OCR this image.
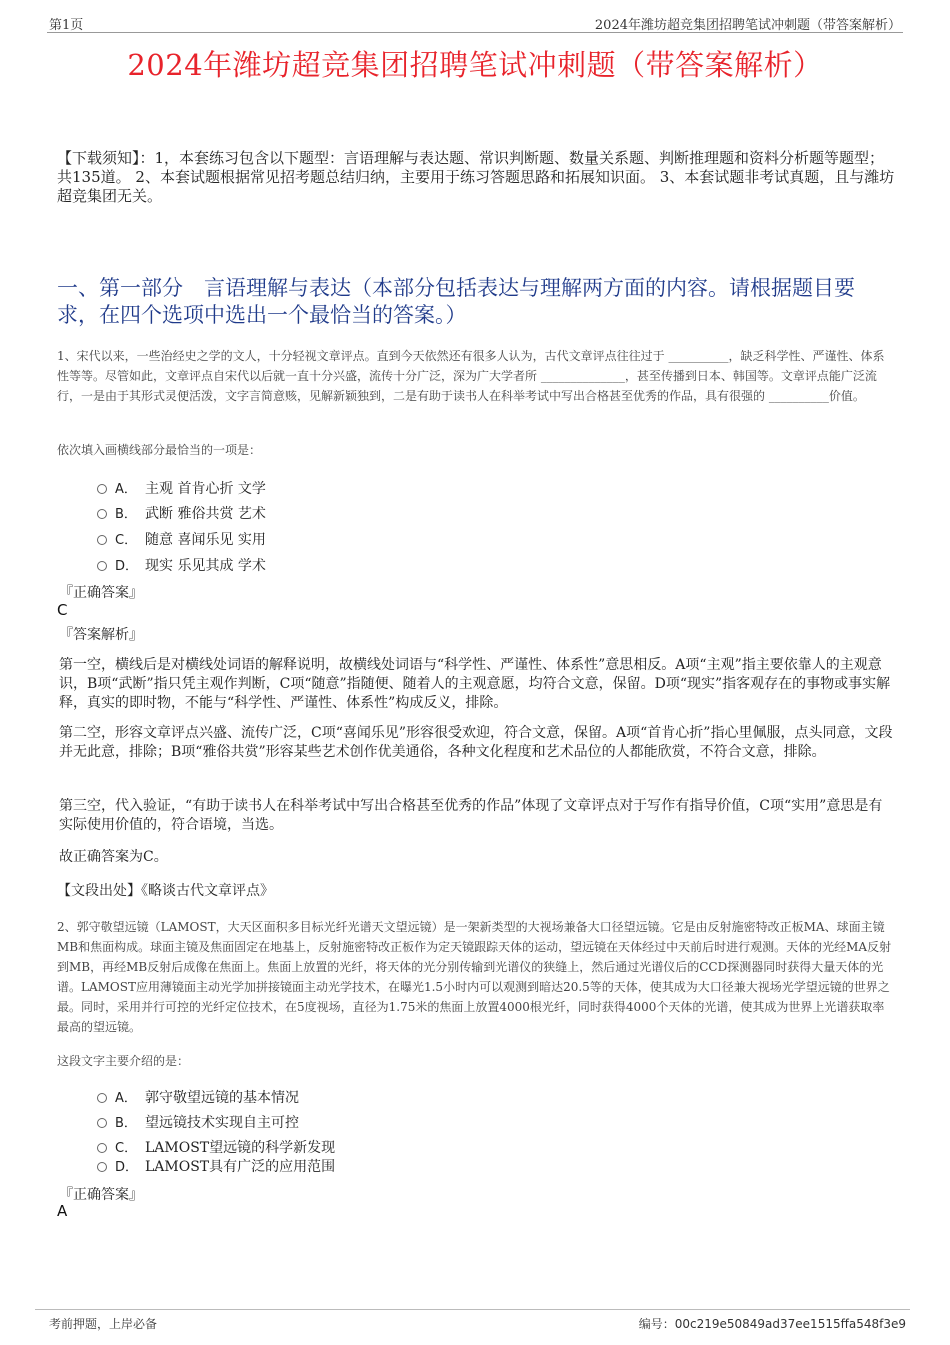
第1页	2024年潍坊超竞集团招聘笔试冲刺题（带答案解析）
2024年潍坊超竞集团招聘笔试冲刺题（带答案解析）
【下载须知】：1，本套练习包含以下题型：言语理解与表达题、常识判断题、数量关系题、判断推理题和资料分析题等题型；共135道。 2、本套试题根据常见招考题总结归纳，主要用于练习答题思路和拓展知识面。 3、本套试题非考试真题，且与潍坊超竞集团无关。
一、第一部分　言语理解与表达（本部分包括表达与理解两方面的内容。请根据题目要求，在四个选项中选出一个最恰当的答案。）
1、宋代以来，一些治经史之学的文人，十分轻视文章评点。直到今天依然还有很多人认为，古代文章评点往往过于 __________，缺乏科学性、严谨性、体系性等等。尽管如此，文章评点自宋代以后就一直十分兴盛，流传十分广泛，深为广大学者所 ______________，甚至传播到日本、韩国等。文章评点能广泛流行，一是由于其形式灵便活泼，文字言简意赅，见解新颖独到，二是有助于读书人在科举考试中写出合格甚至优秀的作品，具有很强的 __________价值。
依次填入画横线部分最恰当的一项是：
A． 主观 首肯心折 文学
B． 武断 雅俗共赏 艺术
C． 随意 喜闻乐见 实用
D． 现实 乐见其成 学术
『正确答案』
C
『答案解析』
第一空，横线后是对横线处词语的解释说明，故横线处词语与“科学性、严谨性、体系性”意思相反。A项“主观”指主要依靠人的主观意识，B项“武断”指只凭主观作判断，C项“随意”指随便、随着人的主观意愿，均符合文意，保留。D项“现实”指客观存在的事物或事实解释，真实的即时物，不能与“科学性、严谨性、体系性”构成反义，排除。
第二空，形容文章评点兴盛、流传广泛，C项“喜闻乐见”形容很受欢迎，符合文意，保留。A项“首肯心折”指心里佩服，点头同意，文段并无此意，排除；B项“雅俗共赏”形容某些艺术创作优美通俗，各种文化程度和艺术品位的人都能欣赏，不符合文意，排除。
第三空，代入验证，“有助于读书人在科举考试中写出合格甚至优秀的作品”体现了文章评点对于写作有指导价值，C项“实用”意思是有实际使用价值的，符合语境，当选。
故正确答案为C。
【文段出处】《略谈古代文章评点》
2、郭守敬望远镜（LAMOST，大天区面积多目标光纤光谱天文望远镜）是一架新类型的大视场兼备大口径望远镜。它是由反射施密特改正板MA、球面主镜MB和焦面构成。球面主镜及焦面固定在地基上，反射施密特改正板作为定天镜跟踪天体的运动，望远镜在天体经过中天前后时进行观测。天体的光经MA反射到MB，再经MB反射后成像在焦面上。焦面上放置的光纤，将天体的光分别传输到光谱仪的狭缝上，然后通过光谱仪后的CCD探测器同时获得大量天体的光谱。LAMOST应用薄镜面主动光学加拼接镜面主动光学技术，在曝光1.5小时内可以观测到暗达20.5等的天体，使其成为大口径兼大视场光学望远镜的世界之最。同时，采用并行可控的光纤定位技术，在5度视场，直径为1.75米的焦面上放置4000根光纤，同时获得4000个天体的光谱，使其成为世界上光谱获取率最高的望远镜。
这段文字主要介绍的是：
A． 郭守敬望远镜的基本情况
B． 望远镜技术实现自主可控
C． LAMOST望远镜的科学新发现
D． LAMOST具有广泛的应用范围
『正确答案』
A
考前押题，上岸必备	编号：00c219e50849ad37ee1515ffa548f3e9
